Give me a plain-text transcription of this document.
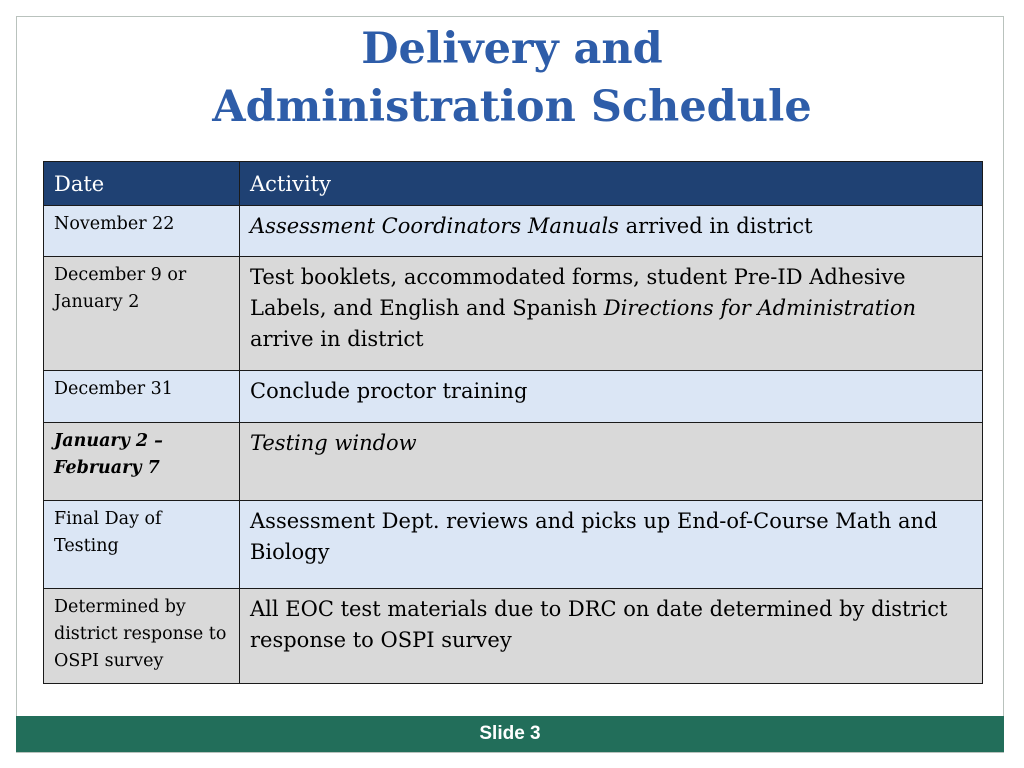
Delivery and
Administration Schedule
Date	Activity
November 22	Assessment Coordinators Manuals arrived in district
December 9 or January 2	Test booklets, accommodated forms, student Pre-ID Adhesive Labels, and English and Spanish Directions for Administration arrive in district
December 31	Conclude proctor training
January 2 – February 7	Testing window
Final Day of Testing	Assessment Dept. reviews and picks up End-of-Course Math and Biology
Determined by district response to OSPI survey	All EOC test materials due to DRC on date determined by district response to OSPI survey
Slide 3
